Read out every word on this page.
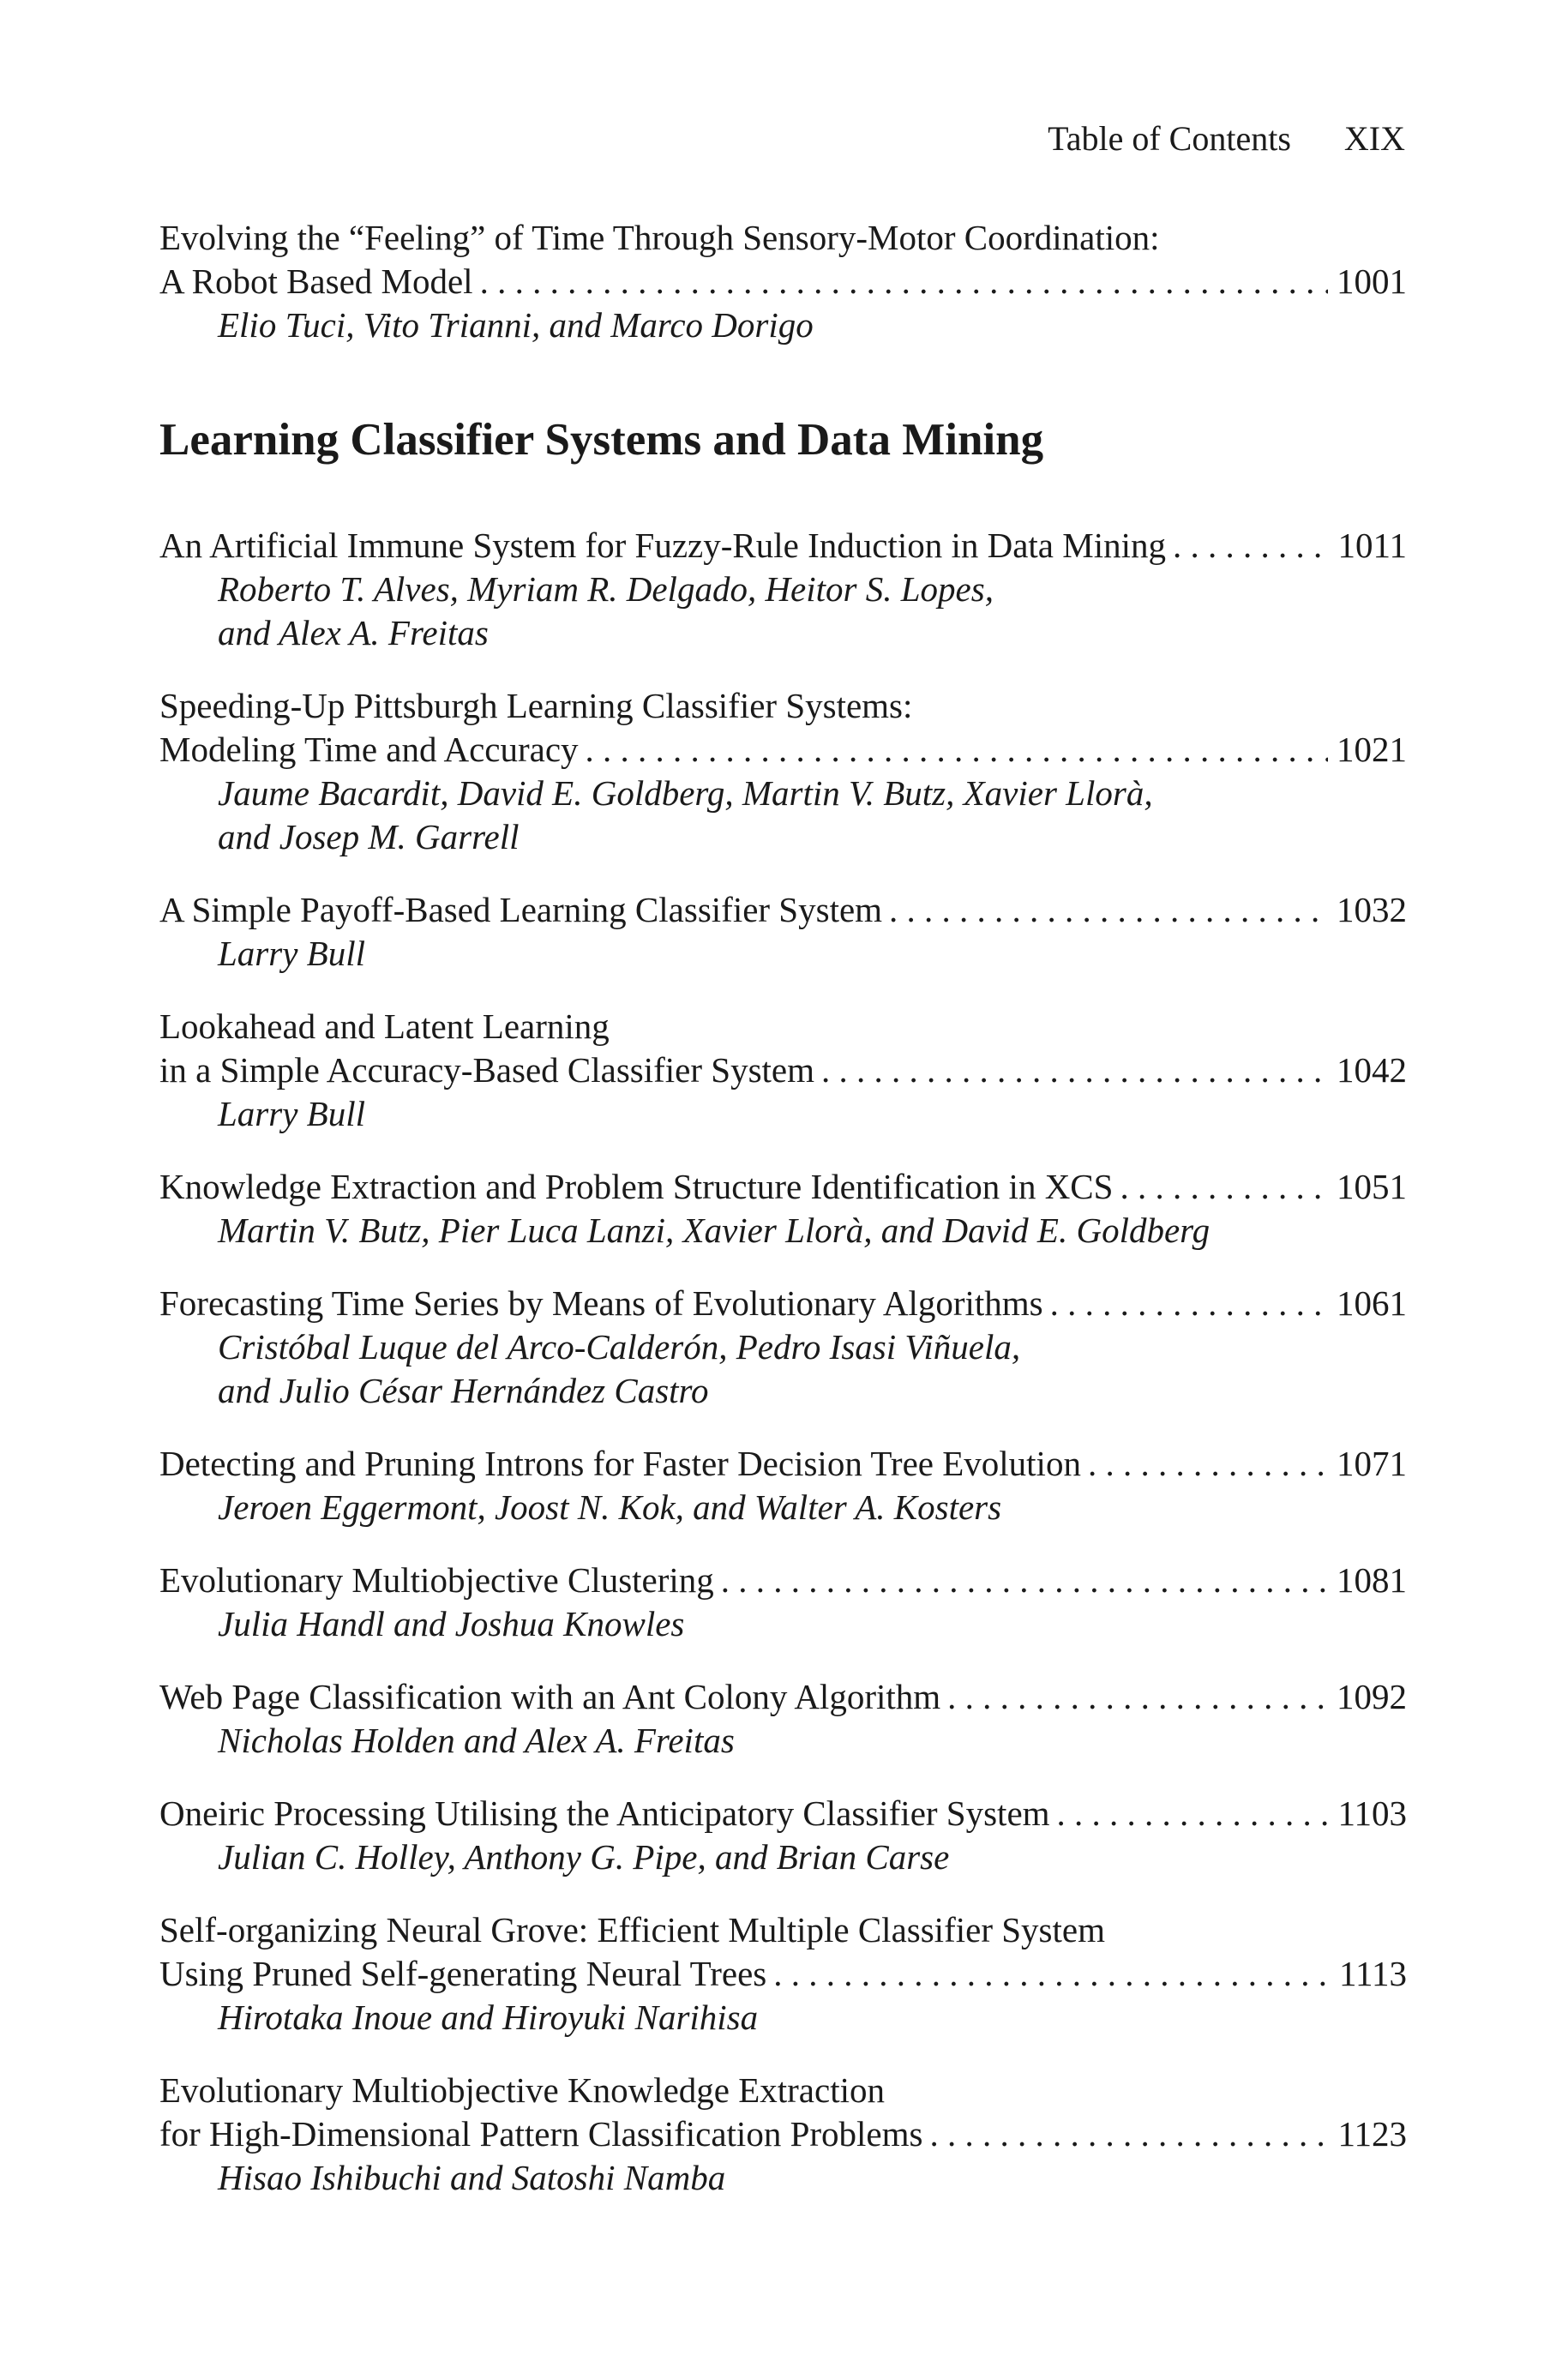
Table of Contents XIX
Evolving the “Feeling” of Time Through Sensory-Motor Coordination:
A Robot Based Model . . .	1001
Elio Tuci, Vito Trianni, and Marco Dorigo
Learning Classifier Systems and Data Mining
An Artificial Immune System for Fuzzy-Rule Induction in Data Mining . . .	1011
Roberto T. Alves, Myriam R. Delgado, Heitor S. Lopes,
and Alex A. Freitas
Speeding-Up Pittsburgh Learning Classifier Systems:
Modeling Time and Accuracy . . .	1021
Jaume Bacardit, David E. Goldberg, Martin V. Butz, Xavier Llorà,
and Josep M. Garrell
A Simple Payoff-Based Learning Classifier System . . .	1032
Larry Bull
Lookahead and Latent Learning
in a Simple Accuracy-Based Classifier System . . .	1042
Larry Bull
Knowledge Extraction and Problem Structure Identification in XCS . . .	1051
Martin V. Butz, Pier Luca Lanzi, Xavier Llorà, and David E. Goldberg
Forecasting Time Series by Means of Evolutionary Algorithms . . .	1061
Cristóbal Luque del Arco-Calderón, Pedro Isasi Viñuela,
and Julio César Hernández Castro
Detecting and Pruning Introns for Faster Decision Tree Evolution . . .	1071
Jeroen Eggermont, Joost N. Kok, and Walter A. Kosters
Evolutionary Multiobjective Clustering . . .	1081
Julia Handl and Joshua Knowles
Web Page Classification with an Ant Colony Algorithm . . .	1092
Nicholas Holden and Alex A. Freitas
Oneiric Processing Utilising the Anticipatory Classifier System . . .	1103
Julian C. Holley, Anthony G. Pipe, and Brian Carse
Self-organizing Neural Grove: Efficient Multiple Classifier System
Using Pruned Self-generating Neural Trees . . .	1113
Hirotaka Inoue and Hiroyuki Narihisa
Evolutionary Multiobjective Knowledge Extraction
for High-Dimensional Pattern Classification Problems . . .	1123
Hisao Ishibuchi and Satoshi Namba
